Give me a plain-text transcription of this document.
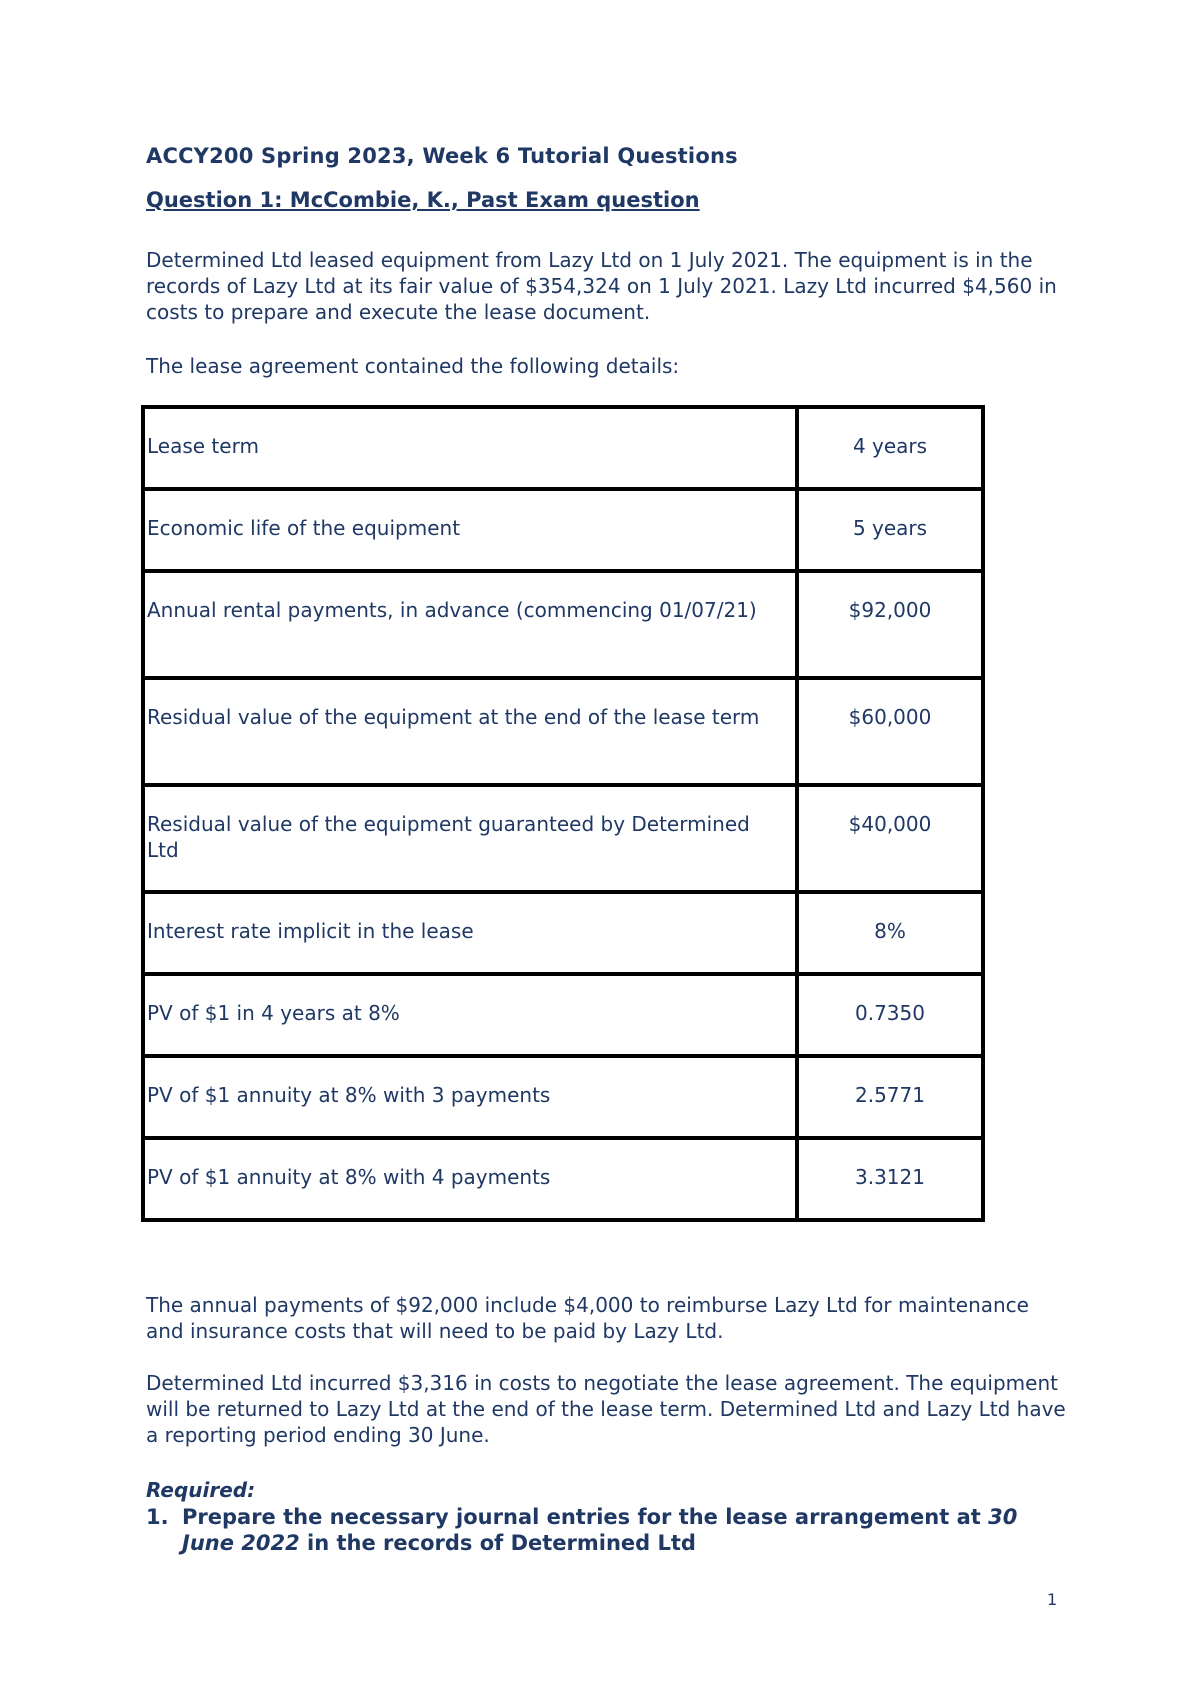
ACCY200 Spring 2023, Week 6 Tutorial Questions
Question 1: McCombie, K., Past Exam question

Determined Ltd leased equipment from Lazy Ltd on 1 July 2021. The equipment is in the records of Lazy Ltd at its fair value of $354,324 on 1 July 2021. Lazy Ltd incurred $4,560 in costs to prepare and execute the lease document.

The lease agreement contained the following details:

Lease term	4 years

Economic life of the equipment	5 years

Annual rental payments, in advance (commencing 01/07/21)	$92,000

Residual value of the equipment at the end of the lease term	$60,000

Residual value of the equipment guaranteed by Determined Ltd	$40,000

Interest rate implicit in the lease	8%

PV of $1 in 4 years at 8%	0.7350

PV of $1 annuity at 8% with 3 payments	2.5771

PV of $1 annuity at 8% with 4 payments	3.3121

The annual payments of $92,000 include $4,000 to reimburse Lazy Ltd for maintenance and insurance costs that will need to be paid by Lazy Ltd.

Determined Ltd incurred $3,316 in costs to negotiate the lease agreement. The equipment will be returned to Lazy Ltd at the end of the lease term. Determined Ltd and Lazy Ltd have a reporting period ending 30 June.

Required:

1. Prepare the necessary journal entries for the lease arrangement at 30 June 2022 in the records of Determined Ltd
1
